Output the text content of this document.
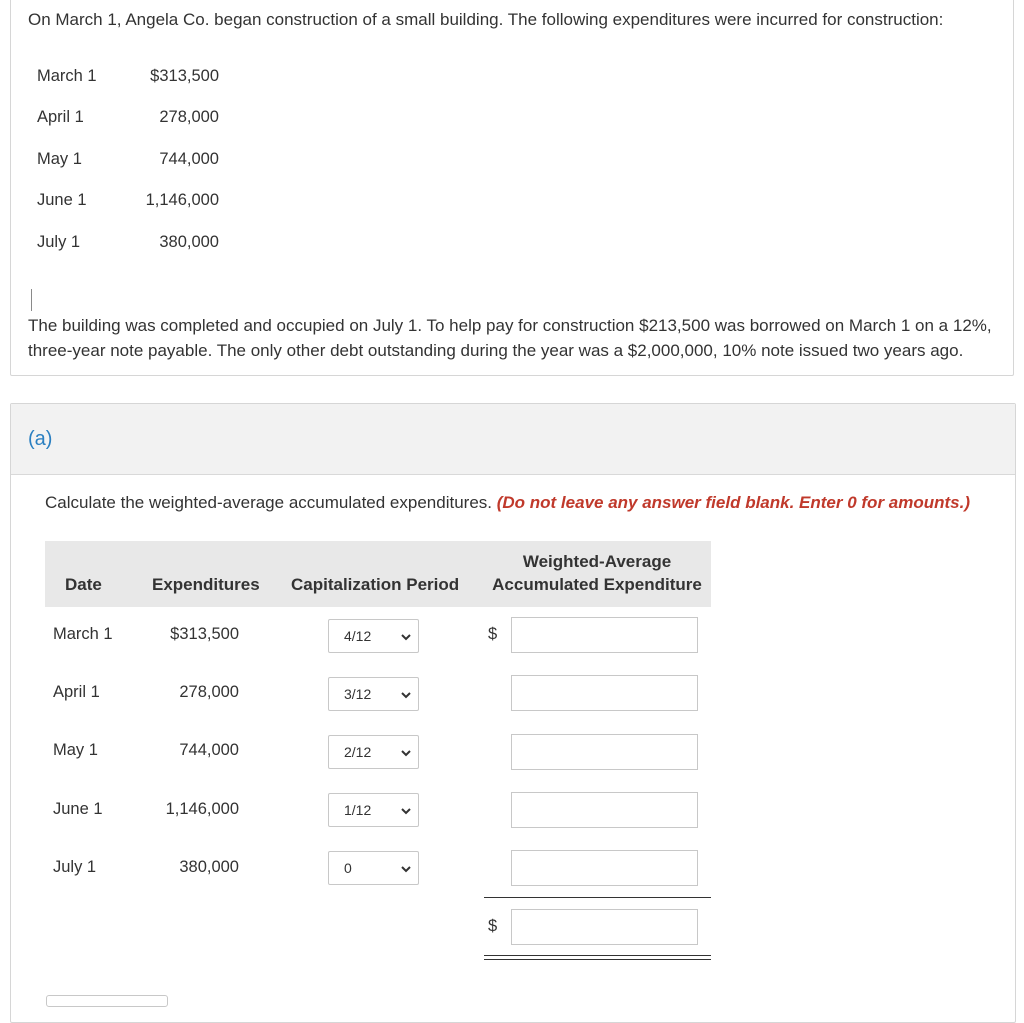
On March 1, Angela Co. began construction of a small building. The following expenditures were incurred for construction:
March 1	$313,500
April 1	278,000
May 1	744,000
June 1	1,146,000
July 1	380,000
The building was completed and occupied on July 1. To help pay for construction $213,500 was borrowed on March 1 on a 12%, three-year note payable. The only other debt outstanding during the year was a $2,000,000, 10% note issued two years ago.
(a)
Calculate the weighted-average accumulated expenditures. (Do not leave any answer field blank. Enter 0 for amounts.)
Date	Expenditures Capitalization Period
Weighted-Average
Accumulated Expenditure
March 1	$313,500	4/12	$
April 1	278,000	3/12
May 1	744,000	2/12
June 1	1,146,000	1/12
July 1	380,000	0
$
